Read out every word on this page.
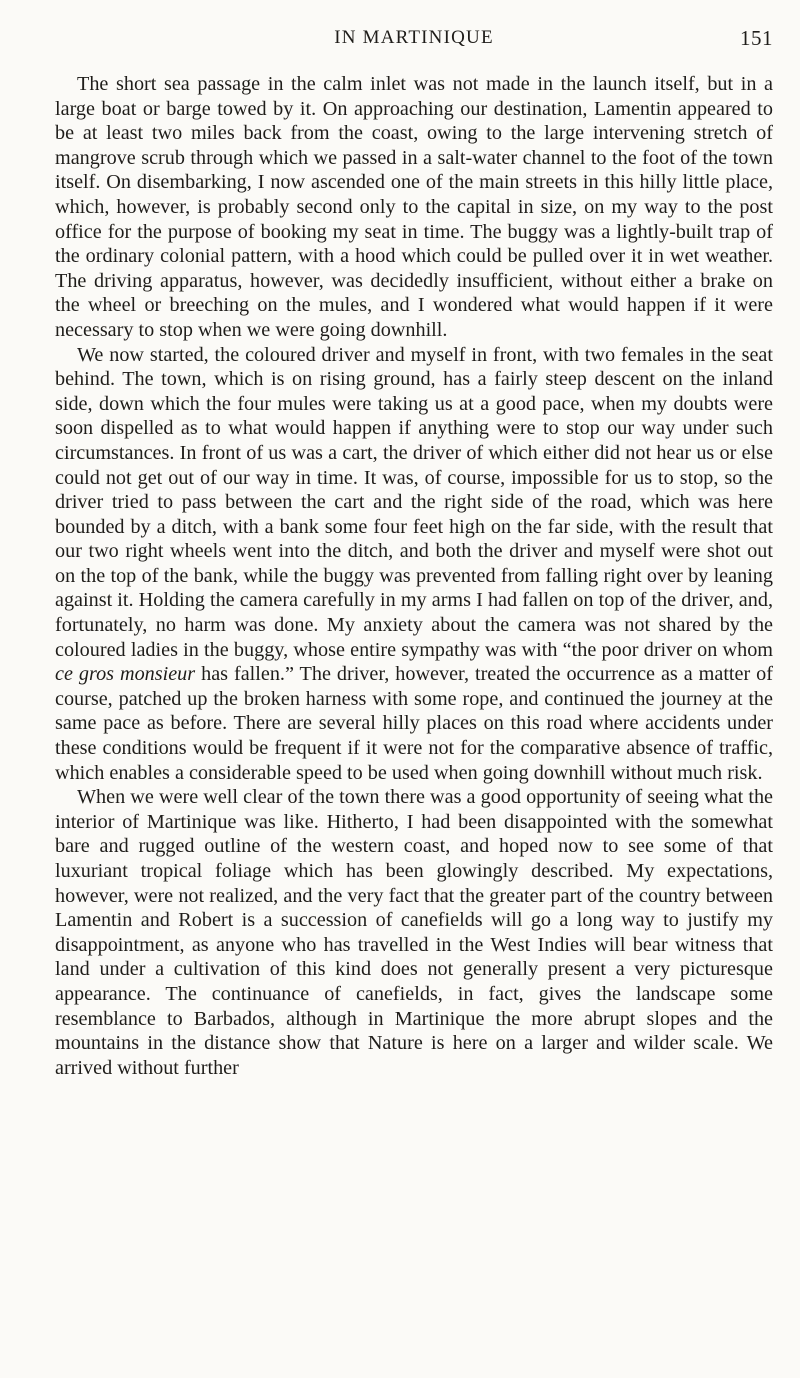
IN MARTINIQUE	151

The short sea passage in the calm inlet was not made in the launch itself, but in a large boat or barge towed by it. On approaching our destination, Lamentin appeared to be at least two miles back from the coast, owing to the large intervening stretch of mangrove scrub through which we passed in a salt-water channel to the foot of the town itself. On disembarking, I now ascended one of the main streets in this hilly little place, which, however, is probably second only to the capital in size, on my way to the post office for the purpose of booking my seat in time. The buggy was a lightly-built trap of the ordinary colonial pattern, with a hood which could be pulled over it in wet weather. The driving apparatus, however, was decidedly insufficient, without either a brake on the wheel or breeching on the mules, and I wondered what would happen if it were necessary to stop when we were going downhill.

We now started, the coloured driver and myself in front, with two females in the seat behind. The town, which is on rising ground, has a fairly steep descent on the inland side, down which the four mules were taking us at a good pace, when my doubts were soon dispelled as to what would happen if anything were to stop our way under such circumstances. In front of us was a cart, the driver of which either did not hear us or else could not get out of our way in time. It was, of course, impossible for us to stop, so the driver tried to pass between the cart and the right side of the road, which was here bounded by a ditch, with a bank some four feet high on the far side, with the result that our two right wheels went into the ditch, and both the driver and myself were shot out on the top of the bank, while the buggy was prevented from falling right over by leaning against it. Holding the camera carefully in my arms I had fallen on top of the driver, and, fortunately, no harm was done. My anxiety about the camera was not shared by the coloured ladies in the buggy, whose entire sympathy was with “the poor driver on whom ce gros monsieur has fallen.” The driver, however, treated the occurrence as a matter of course, patched up the broken harness with some rope, and continued the journey at the same pace as before. There are several hilly places on this road where accidents under these conditions would be frequent if it were not for the comparative absence of traffic, which enables a considerable speed to be used when going downhill without much risk.

When we were well clear of the town there was a good opportunity of seeing what the interior of Martinique was like. Hitherto, I had been disappointed with the somewhat bare and rugged outline of the western coast, and hoped now to see some of that luxuriant tropical foliage which has been glowingly described. My expectations, however, were not realized, and the very fact that the greater part of the country between Lamentin and Robert is a succession of canefields will go a long way to justify my disappointment, as anyone who has travelled in the West Indies will bear witness that land under a cultivation of this kind does not generally present a very picturesque appearance. The continuance of canefields, in fact, gives the landscape some resemblance to Barbados, although in Martinique the more abrupt slopes and the mountains in the distance show that Nature is here on a larger and wilder scale. We arrived without further
